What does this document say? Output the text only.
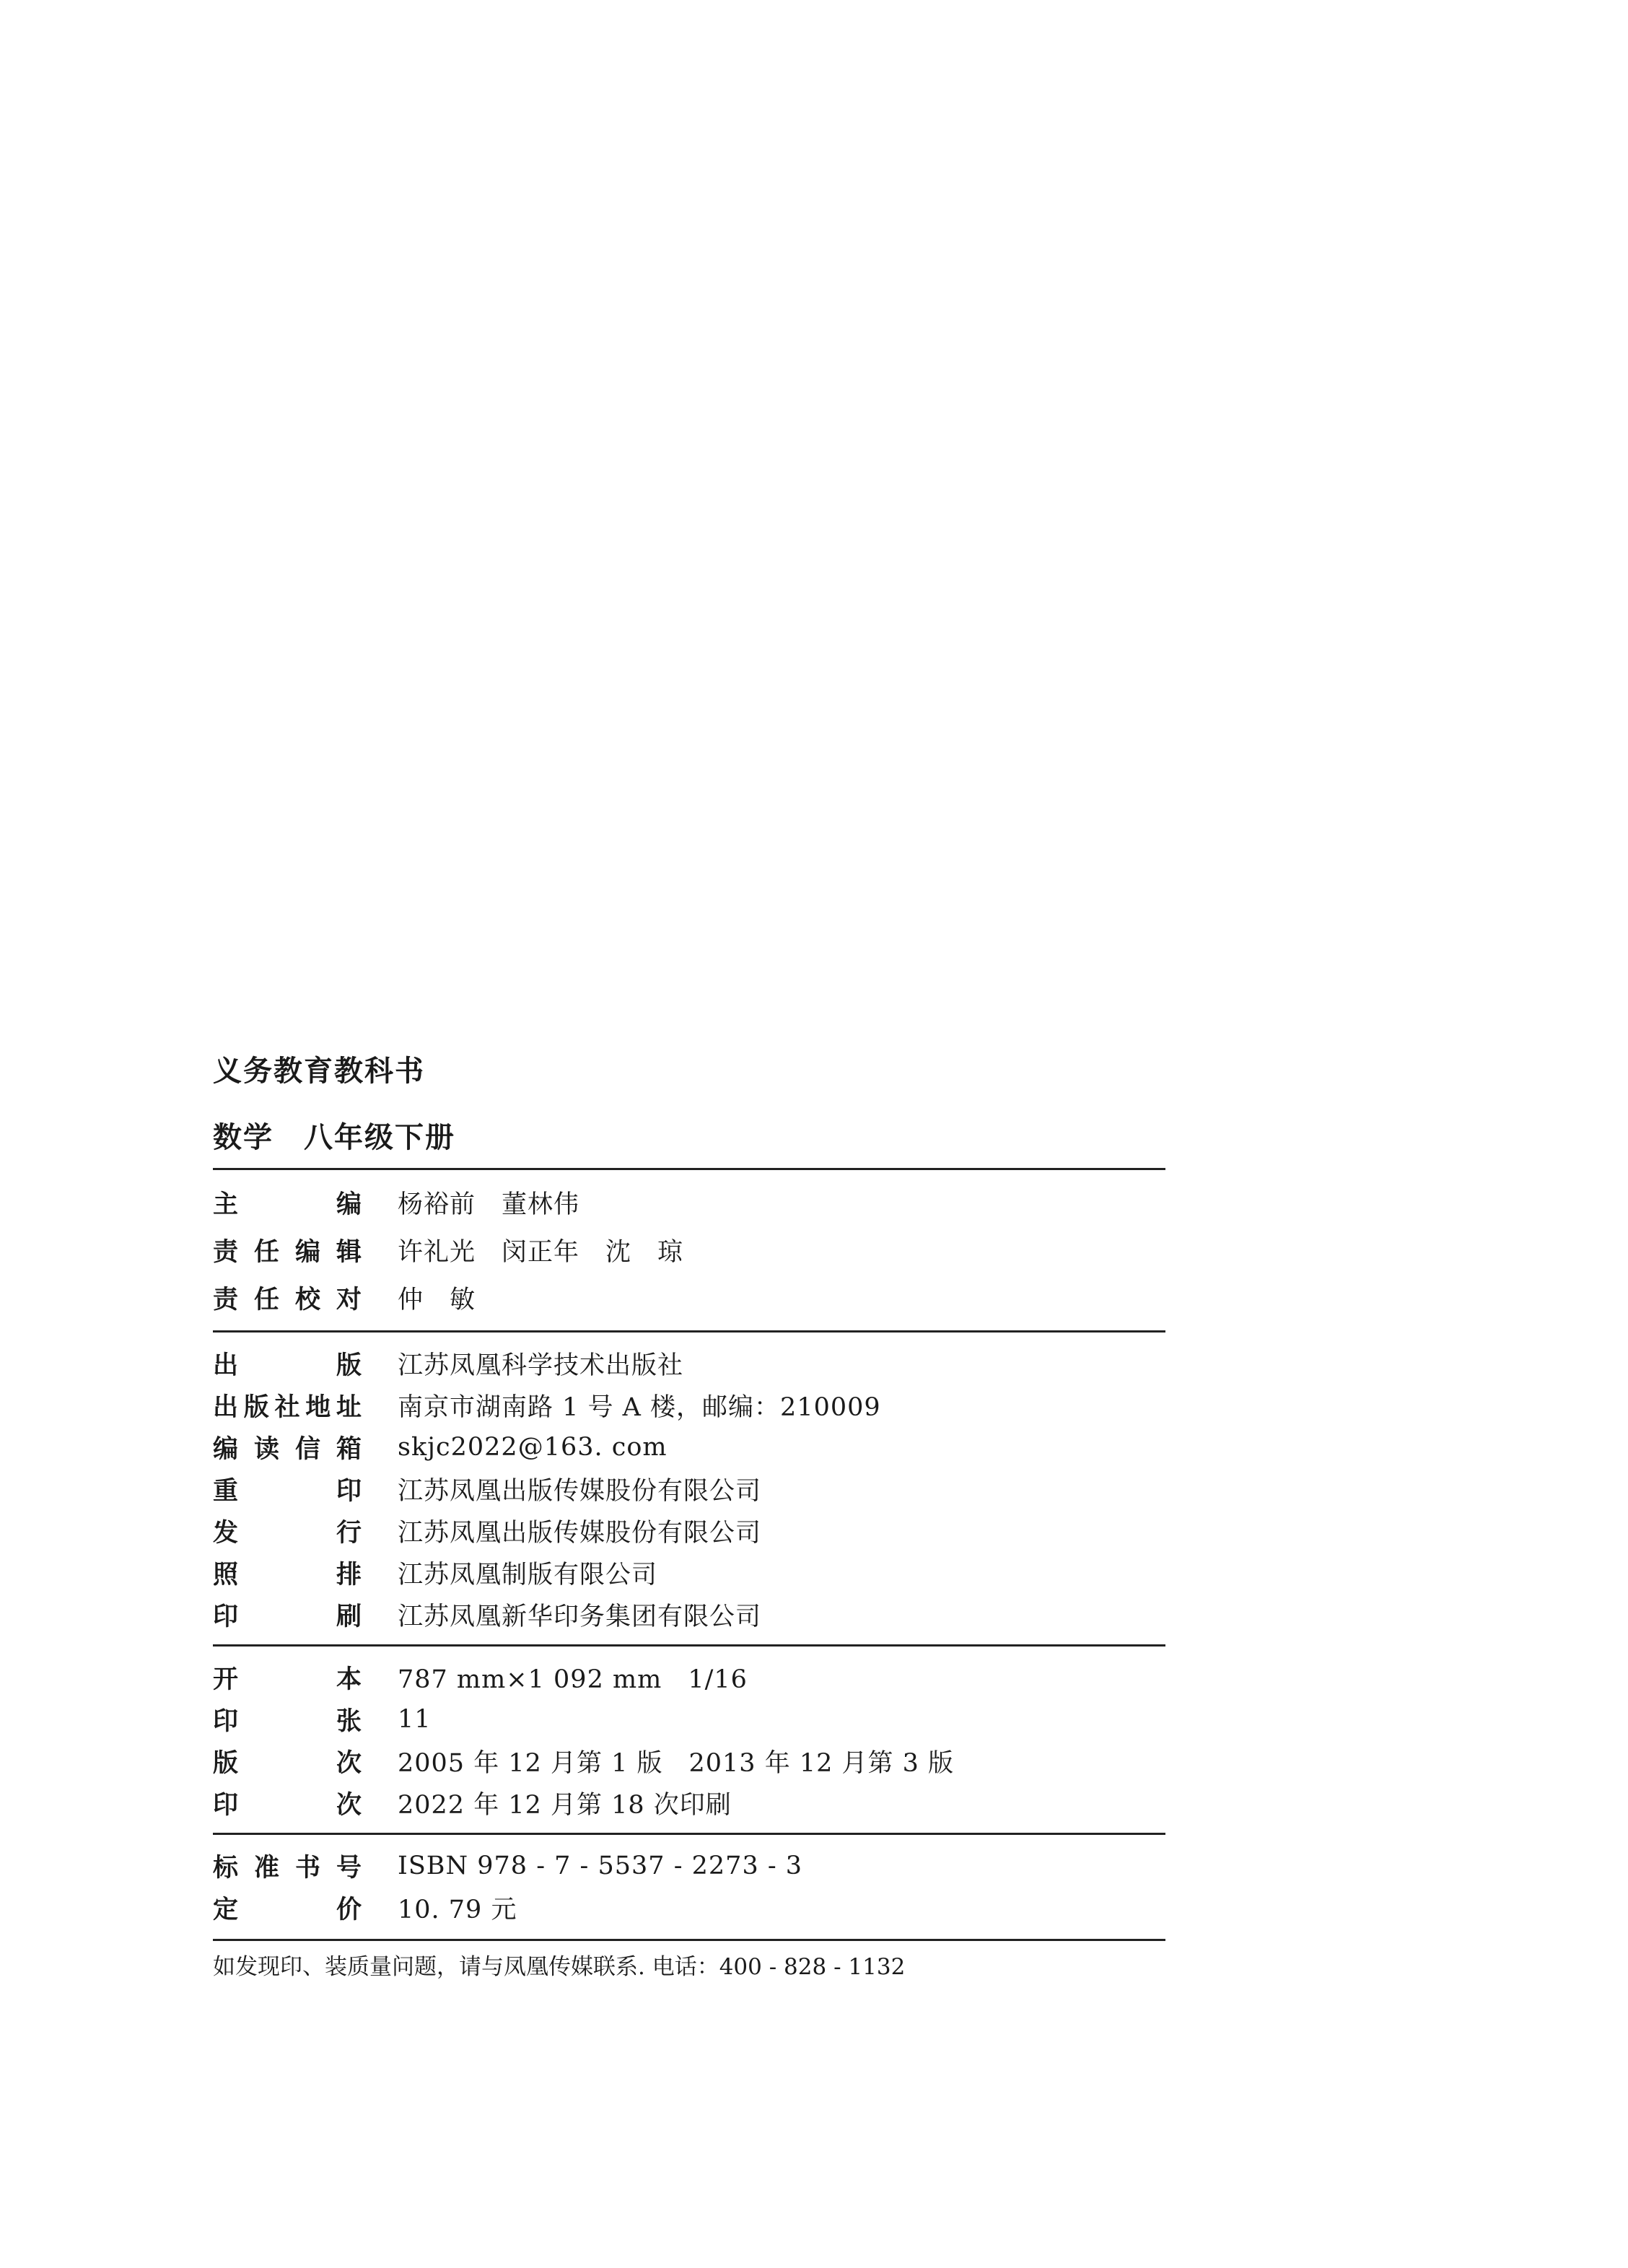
义务教育教科书
数学　八年级下册
主	编 杨裕前　董林伟
责 任 编 辑 许礼光　闵正年　沈　琼
责 任 校 对 仲　敏
出	版 江苏凤凰科学技术出版社
出 版 社 地 址 南京市湖南路 1 号 A 楼，邮编：210009
编 读 信 箱 skjc2022@163. com
重	印 江苏凤凰出版传媒股份有限公司
发	行 江苏凤凰出版传媒股份有限公司
照	排 江苏凤凰制版有限公司
印	刷 江苏凤凰新华印务集团有限公司
开	本 787 mm×1 092 mm　1/16
印	张 11
版	次 2005 年 12 月第 1 版　2013 年 12 月第 3 版
印	次 2022 年 12 月第 18 次印刷
标 准 书 号 ISBN 978 - 7 - 5537 - 2273 - 3
定	价 10. 79 元
如发现印、装质量问题，请与凤凰传媒联系. 电话：400 - 828 - 1132
